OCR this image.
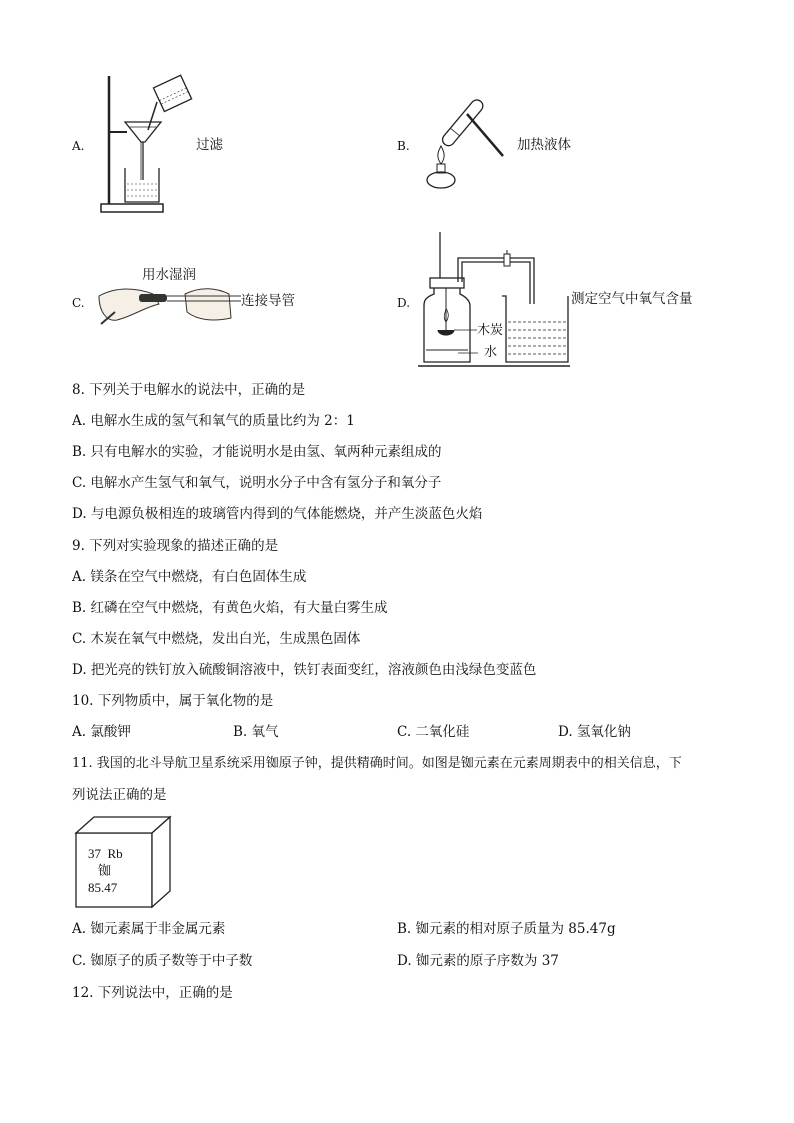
A.	过滤	B.	加热液体
C.
用水湿润
连接导管	D.
木炭
水
测定空气中氧气含量
8. 下列关于电解水的说法中，正确的是
A. 电解水生成的氢气和氧气的质量比约为 2：1
B. 只有电解水的实验，才能说明水是由氢、氧两种元素组成的
C. 电解水产生氢气和氧气，说明水分子中含有氢分子和氧分子
D. 与电源负极相连的玻璃管内得到的气体能燃烧，并产生淡蓝色火焰
9. 下列对实验现象的描述正确的是
A. 镁条在空气中燃烧，有白色固体生成
B. 红磷在空气中燃烧，有黄色火焰，有大量白雾生成
C. 木炭在氧气中燃烧，发出白光，生成黑色固体
D. 把光亮的铁钉放入硫酸铜溶液中，铁钉表面变红，溶液颜色由浅绿色变蓝色
10. 下列物质中，属于氧化物的是
A. 氯酸钾	B. 氧气	C. 二氧化硅	D. 氢氧化钠
11. 我国的北斗导航卫星系统采用铷原子钟，提供精确时间。如图是铷元素在元素周期表中的相关信息，下
列说法正确的是
37 Rb
铷
85.47
A. 铷元素属于非金属元素	B. 铷元素的相对原子质量为 85.47g
C. 铷原子的质子数等于中子数	D. 铷元素的原子序数为 37
12. 下列说法中，正确的是
